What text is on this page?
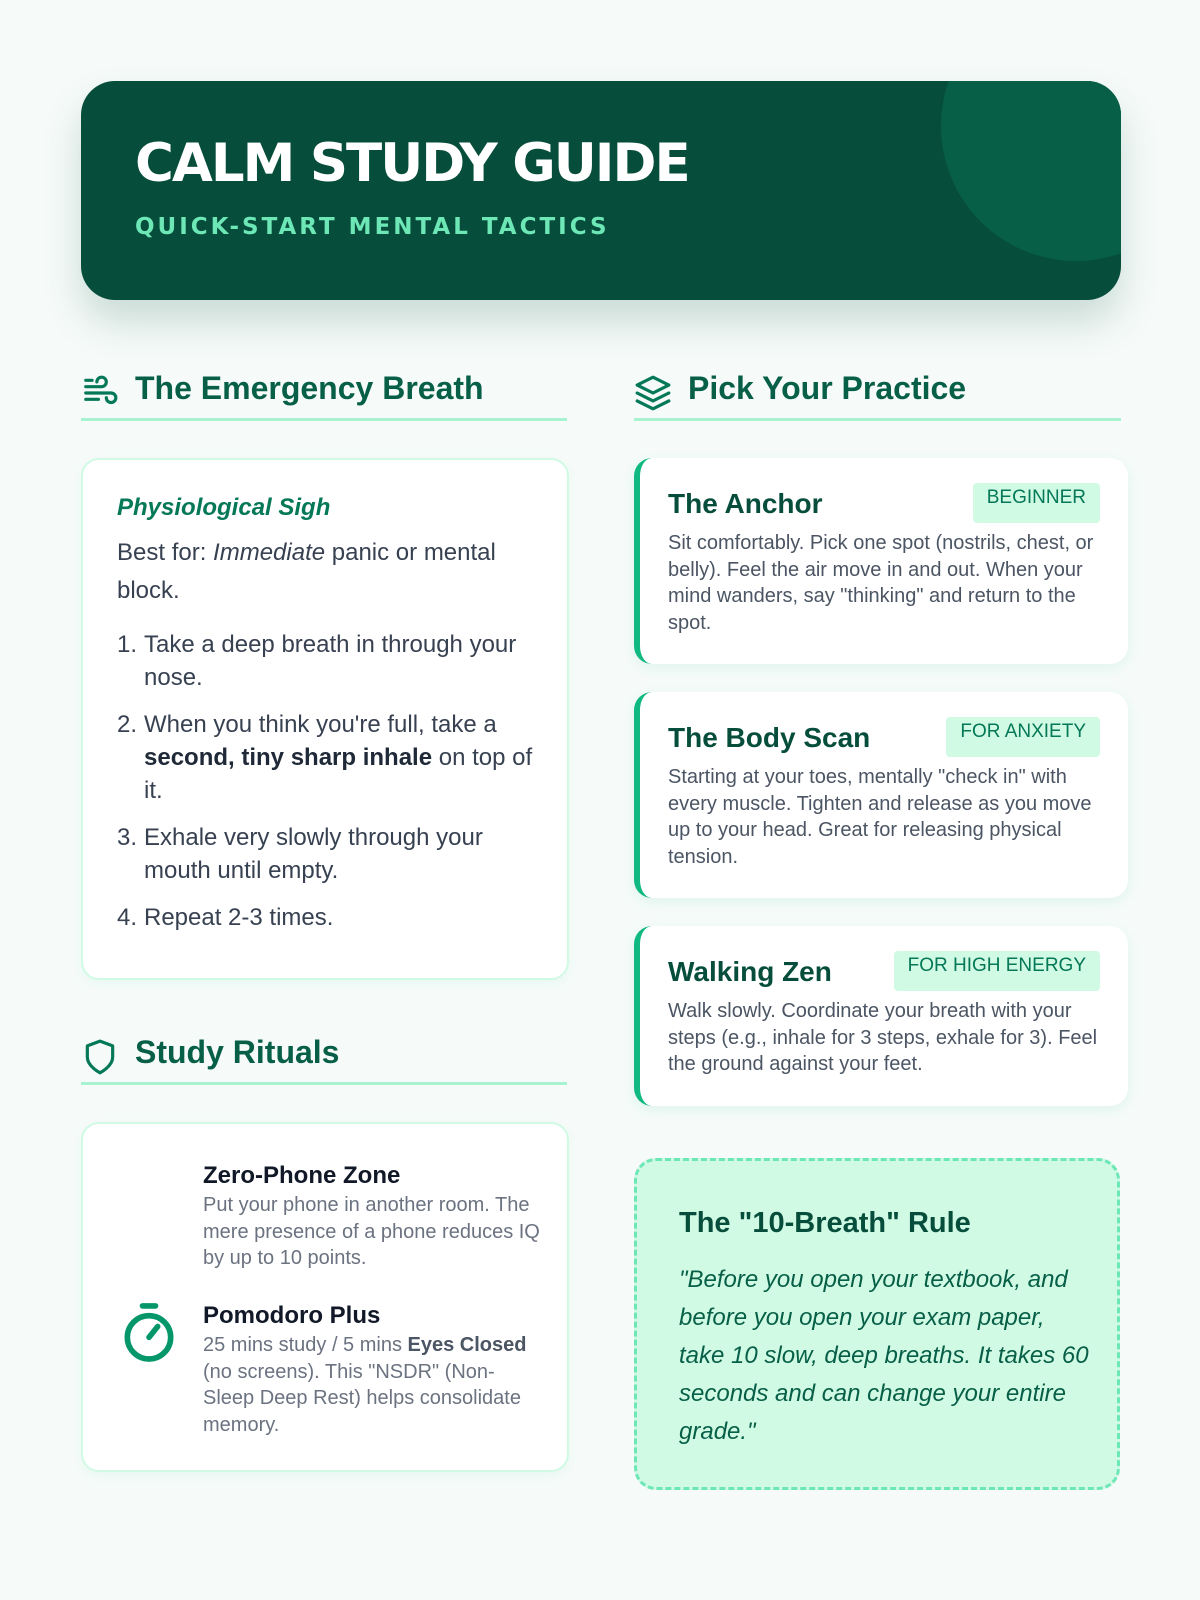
CALM STUDY GUIDE
QUICK-START MENTAL TACTICS
The Emergency Breath
Physiological Sigh
Best for: Immediate panic or mental block.
1. Take a deep breath in through your nose.
2. When you think you're full, take a second, tiny sharp inhale on top of it.
3. Exhale very slowly through your mouth until empty.
4. Repeat 2-3 times.
Study Rituals
Zero-Phone Zone
Put your phone in another room. The mere presence of a phone reduces IQ by up to 10 points.
Pomodoro Plus
25 mins study / 5 mins Eyes Closed (no screens). This "NSDR" (Non-Sleep Deep Rest) helps consolidate memory.
Pick Your Practice
The Anchor	BEGINNER
Sit comfortably. Pick one spot (nostrils, chest, or belly). Feel the air move in and out. When your mind wanders, say "thinking" and return to the spot.
The Body Scan	FOR ANXIETY
Starting at your toes, mentally "check in" with every muscle. Tighten and release as you move up to your head. Great for releasing physical tension.
Walking Zen	FOR HIGH ENERGY
Walk slowly. Coordinate your breath with your steps (e.g., inhale for 3 steps, exhale for 3). Feel the ground against your feet.
The "10-Breath" Rule
"Before you open your textbook, and before you open your exam paper, take 10 slow, deep breaths. It takes 60 seconds and can change your entire grade."
